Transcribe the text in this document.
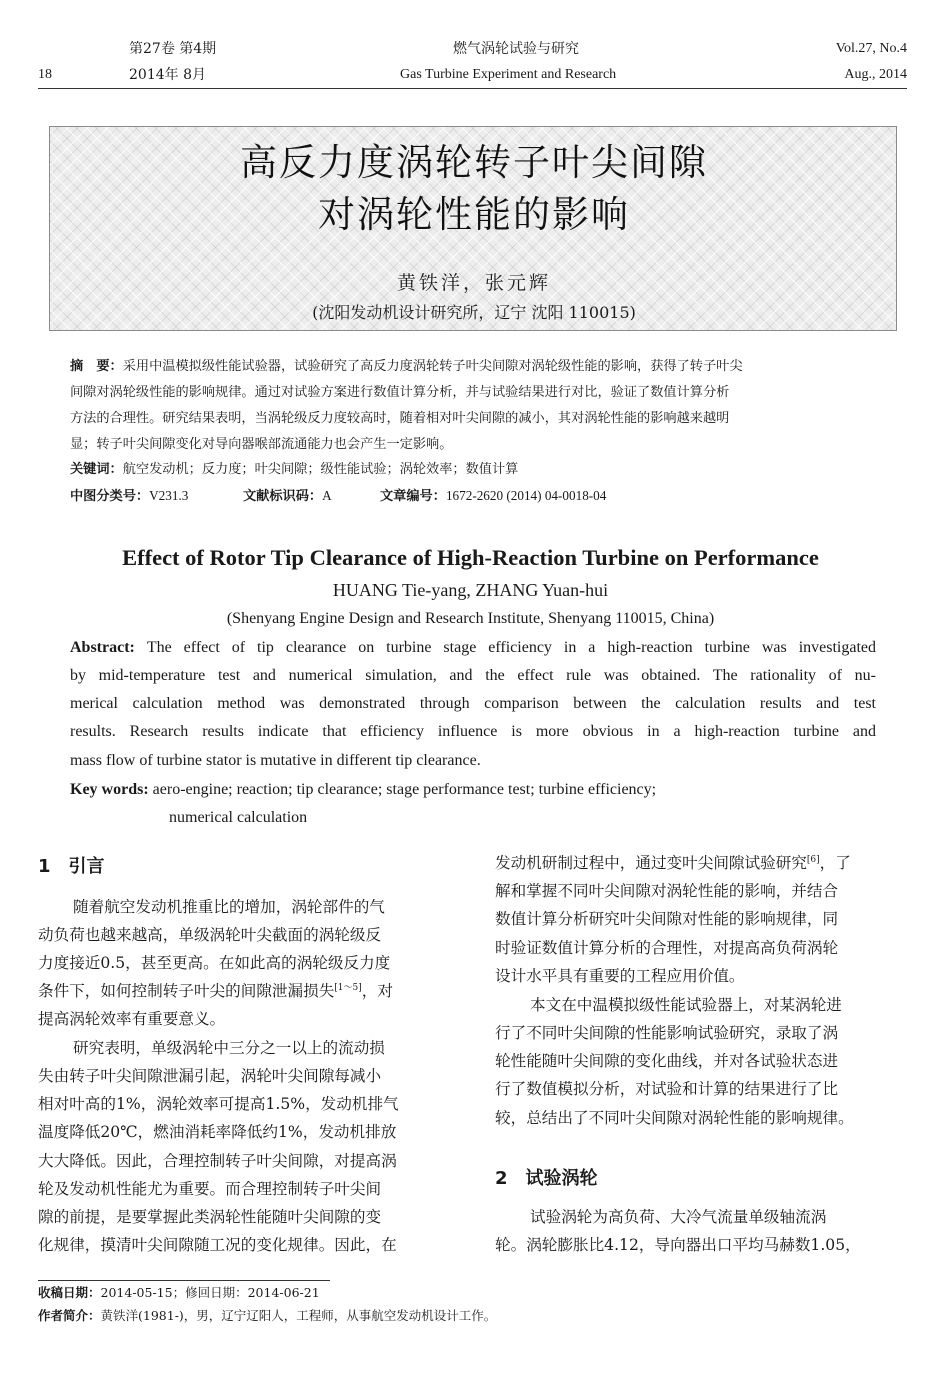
第27卷 第4期	燃气涡轮试验与研究	Vol.27, No.4
18	2014年 8月	Gas Turbine Experiment and Research	Aug., 2014
高反力度涡轮转子叶尖间隙
对涡轮性能的影响
黄铁洋，张元辉
(沈阳发动机设计研究所，辽宁 沈阳 110015)
摘　要：采用中温模拟级性能试验器，试验研究了高反力度涡轮转子叶尖间隙对涡轮级性能的影响，获得了转子叶尖
间隙对涡轮级性能的影响规律。通过对试验方案进行数值计算分析，并与试验结果进行对比，验证了数值计算分析
方法的合理性。研究结果表明，当涡轮级反力度较高时，随着相对叶尖间隙的减小，其对涡轮性能的影响越来越明
显；转子叶尖间隙变化对导向器喉部流通能力也会产生一定影响。
关键词：航空发动机；反力度；叶尖间隙；级性能试验；涡轮效率；数值计算
中图分类号：V231.3	文献标识码：A	文章编号：1672-2620 (2014) 04-0018-04
Effect of Rotor Tip Clearance of High-Reaction Turbine on Performance
HUANG Tie-yang, ZHANG Yuan-hui
(Shenyang Engine Design and Research Institute, Shenyang 110015, China)
Abstract: The effect of tip clearance on turbine stage efficiency in a high-reaction turbine was investigated
by mid-temperature test and numerical simulation, and the effect rule was obtained. The rationality of nu-
merical calculation method was demonstrated through comparison between the calculation results and test
results. Research results indicate that efficiency influence is more obvious in a high-reaction turbine and
mass flow of turbine stator is mutative in different tip clearance.
Key words: aero-engine; reaction; tip clearance; stage performance test; turbine efficiency;
numerical calculation
1　引言
随着航空发动机推重比的增加，涡轮部件的气
动负荷也越来越高，单级涡轮叶尖截面的涡轮级反
力度接近0.5，甚至更高。在如此高的涡轮级反力度
条件下，如何控制转子叶尖的间隙泄漏损失[1～5]，对
提高涡轮效率有重要意义。
研究表明，单级涡轮中三分之一以上的流动损
失由转子叶尖间隙泄漏引起，涡轮叶尖间隙每减小
相对叶高的1%，涡轮效率可提高1.5%，发动机排气
温度降低20℃，燃油消耗率降低约1%，发动机排放
大大降低。因此，合理控制转子叶尖间隙，对提高涡
轮及发动机性能尤为重要。而合理控制转子叶尖间
隙的前提，是要掌握此类涡轮性能随叶尖间隙的变
化规律，摸清叶尖间隙随工况的变化规律。因此，在
发动机研制过程中，通过变叶尖间隙试验研究[6]，了
解和掌握不同叶尖间隙对涡轮性能的影响，并结合
数值计算分析研究叶尖间隙对性能的影响规律，同
时验证数值计算分析的合理性，对提高高负荷涡轮
设计水平具有重要的工程应用价值。
本文在中温模拟级性能试验器上，对某涡轮进
行了不同叶尖间隙的性能影响试验研究，录取了涡
轮性能随叶尖间隙的变化曲线，并对各试验状态进
行了数值模拟分析，对试验和计算的结果进行了比
较，总结出了不同叶尖间隙对涡轮性能的影响规律。
2　试验涡轮
试验涡轮为高负荷、大冷气流量单级轴流涡
轮。涡轮膨胀比4.12，导向器出口平均马赫数1.05，
收稿日期：2014-05-15；修回日期：2014-06-21
作者简介：黄铁洋(1981-)，男，辽宁辽阳人，工程师，从事航空发动机设计工作。
